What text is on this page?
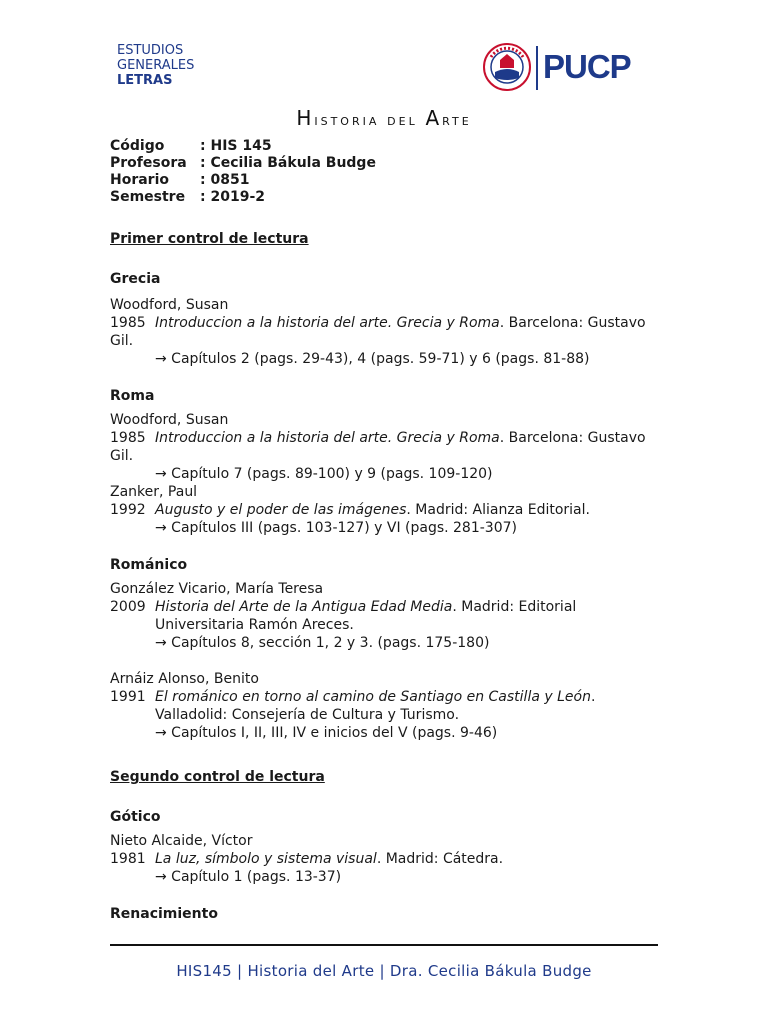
ESTUDIOS
GENERALES
LETRAS	PUCP
Historia del Arte
Código	: HIS 145
Profesora : Cecilia Bákula Budge
Horario	: 0851
Semestre	: 2019-2
Primer control de lectura
Grecia
Woodford, Susan
1985 Introduccion a la historia del arte. Grecia y Roma. Barcelona: Gustavo
Gil.
→ Capítulos 2 (pags. 29-43), 4 (pags. 59-71) y 6 (pags. 81-88)
Roma
Woodford, Susan
1985 Introduccion a la historia del arte. Grecia y Roma. Barcelona: Gustavo
Gil.
→ Capítulo 7 (pags. 89-100) y 9 (pags. 109-120)
Zanker, Paul
1992 Augusto y el poder de las imágenes. Madrid: Alianza Editorial.
→ Capítulos III (pags. 103-127) y VI (pags. 281-307)
Románico
González Vicario, María Teresa
2009 Historia del Arte de la Antigua Edad Media. Madrid: Editorial
Universitaria Ramón Areces.
→ Capítulos 8, sección 1, 2 y 3. (pags. 175-180)
Arnáiz Alonso, Benito
1991 El románico en torno al camino de Santiago en Castilla y León.
Valladolid: Consejería de Cultura y Turismo.
→ Capítulos I, II, III, IV e inicios del V (pags. 9-46)
Segundo control de lectura
Gótico
Nieto Alcaide, Víctor
1981 La luz, símbolo y sistema visual. Madrid: Cátedra.
→ Capítulo 1 (pags. 13-37)
Renacimiento
HIS145 | Historia del Arte | Dra. Cecilia Bákula Budge
